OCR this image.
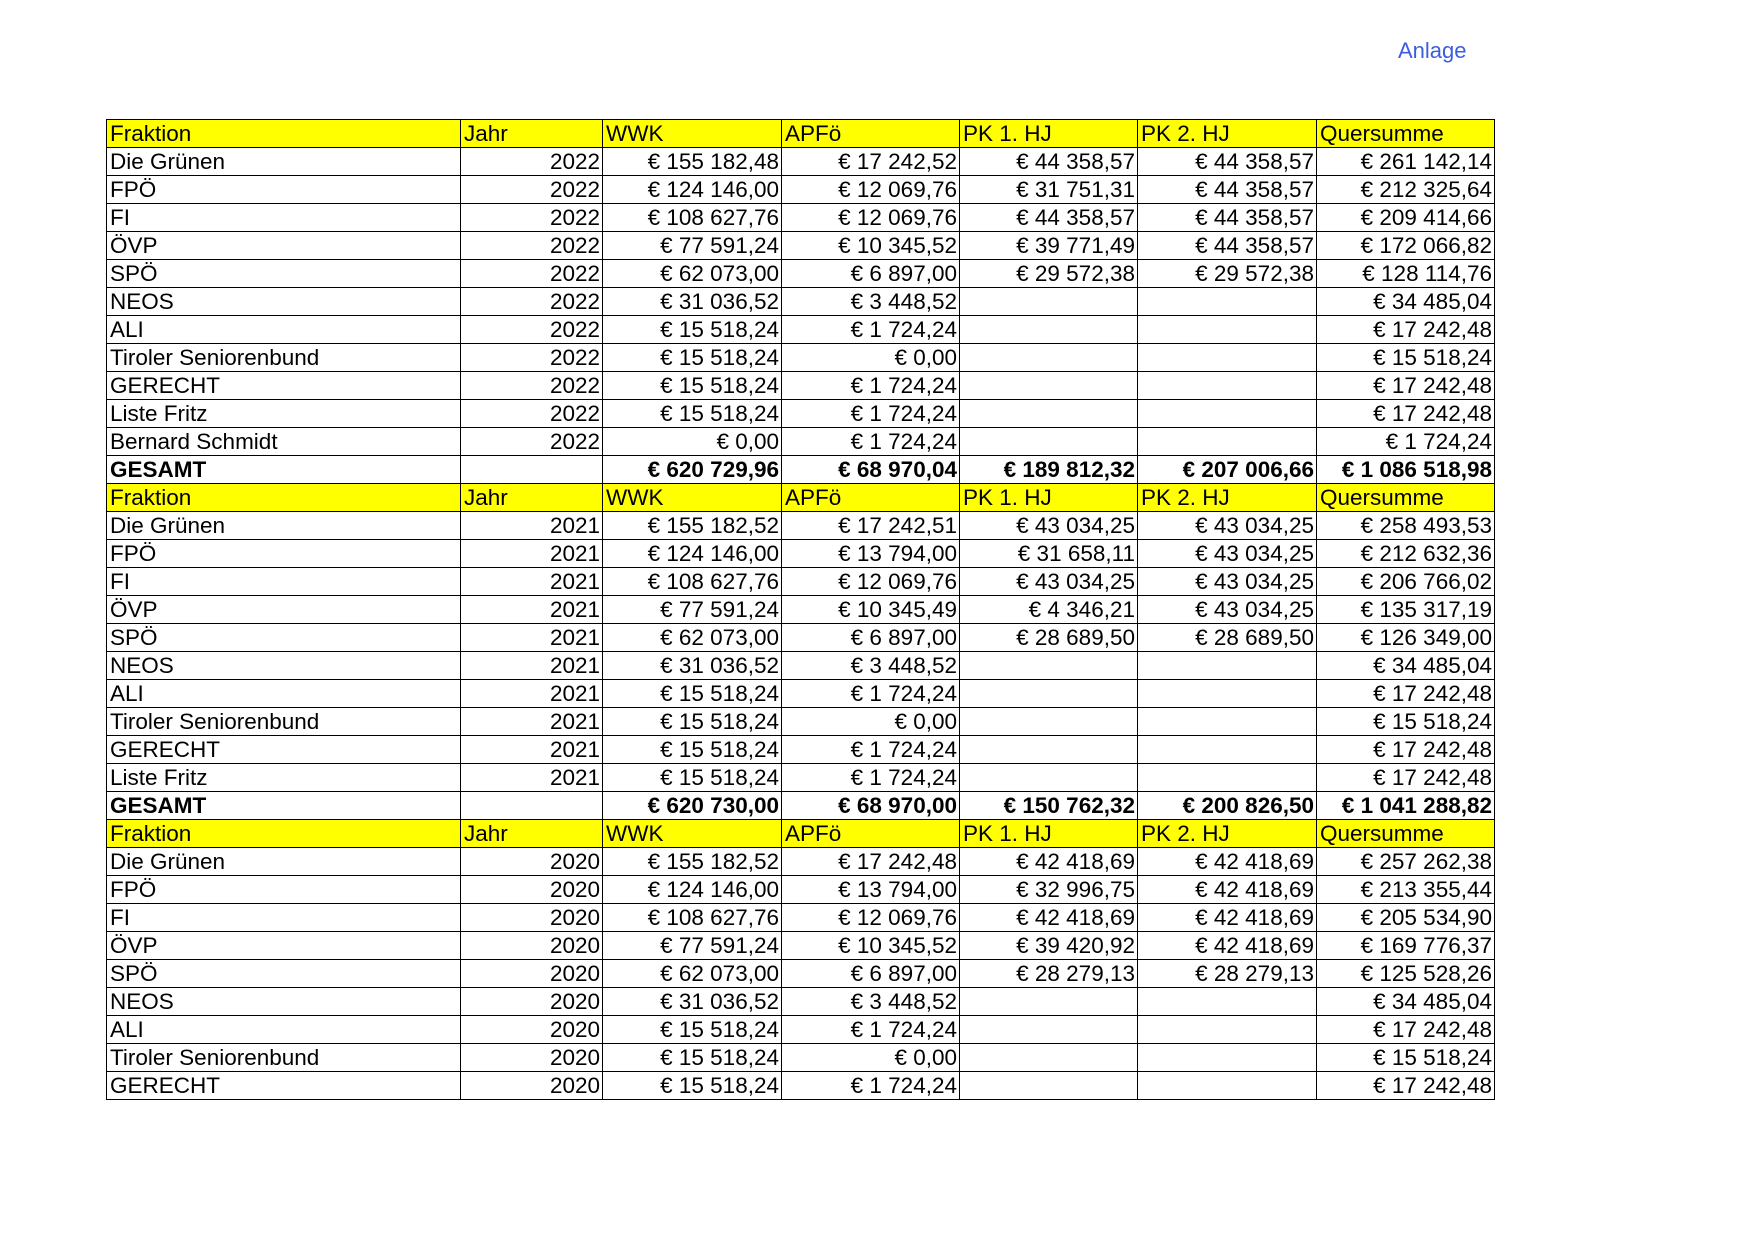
Anlage
Fraktion	Jahr	WWK	APFö	PK 1. HJ	PK 2. HJ	Quersumme
Die Grünen	2022	€ 155 182,48	€ 17 242,52	€ 44 358,57	€ 44 358,57	€ 261 142,14
FPÖ	2022	€ 124 146,00	€ 12 069,76	€ 31 751,31	€ 44 358,57	€ 212 325,64
FI	2022	€ 108 627,76	€ 12 069,76	€ 44 358,57	€ 44 358,57	€ 209 414,66
ÖVP	2022	€ 77 591,24	€ 10 345,52	€ 39 771,49	€ 44 358,57	€ 172 066,82
SPÖ	2022	€ 62 073,00	€ 6 897,00	€ 29 572,38	€ 29 572,38	€ 128 114,76
NEOS	2022	€ 31 036,52	€ 3 448,52			€ 34 485,04
ALI	2022	€ 15 518,24	€ 1 724,24			€ 17 242,48
Tiroler Seniorenbund	2022	€ 15 518,24	€ 0,00			€ 15 518,24
GERECHT	2022	€ 15 518,24	€ 1 724,24			€ 17 242,48
Liste Fritz	2022	€ 15 518,24	€ 1 724,24			€ 17 242,48
Bernard Schmidt	2022	€ 0,00	€ 1 724,24			€ 1 724,24
GESAMT		€ 620 729,96	€ 68 970,04	€ 189 812,32	€ 207 006,66	€ 1 086 518,98
Fraktion	Jahr	WWK	APFö	PK 1. HJ	PK 2. HJ	Quersumme
Die Grünen	2021	€ 155 182,52	€ 17 242,51	€ 43 034,25	€ 43 034,25	€ 258 493,53
FPÖ	2021	€ 124 146,00	€ 13 794,00	€ 31 658,11	€ 43 034,25	€ 212 632,36
FI	2021	€ 108 627,76	€ 12 069,76	€ 43 034,25	€ 43 034,25	€ 206 766,02
ÖVP	2021	€ 77 591,24	€ 10 345,49	€ 4 346,21	€ 43 034,25	€ 135 317,19
SPÖ	2021	€ 62 073,00	€ 6 897,00	€ 28 689,50	€ 28 689,50	€ 126 349,00
NEOS	2021	€ 31 036,52	€ 3 448,52			€ 34 485,04
ALI	2021	€ 15 518,24	€ 1 724,24			€ 17 242,48
Tiroler Seniorenbund	2021	€ 15 518,24	€ 0,00			€ 15 518,24
GERECHT	2021	€ 15 518,24	€ 1 724,24			€ 17 242,48
Liste Fritz	2021	€ 15 518,24	€ 1 724,24			€ 17 242,48
GESAMT		€ 620 730,00	€ 68 970,00	€ 150 762,32	€ 200 826,50	€ 1 041 288,82
Fraktion	Jahr	WWK	APFö	PK 1. HJ	PK 2. HJ	Quersumme
Die Grünen	2020	€ 155 182,52	€ 17 242,48	€ 42 418,69	€ 42 418,69	€ 257 262,38
FPÖ	2020	€ 124 146,00	€ 13 794,00	€ 32 996,75	€ 42 418,69	€ 213 355,44
FI	2020	€ 108 627,76	€ 12 069,76	€ 42 418,69	€ 42 418,69	€ 205 534,90
ÖVP	2020	€ 77 591,24	€ 10 345,52	€ 39 420,92	€ 42 418,69	€ 169 776,37
SPÖ	2020	€ 62 073,00	€ 6 897,00	€ 28 279,13	€ 28 279,13	€ 125 528,26
NEOS	2020	€ 31 036,52	€ 3 448,52			€ 34 485,04
ALI	2020	€ 15 518,24	€ 1 724,24			€ 17 242,48
Tiroler Seniorenbund	2020	€ 15 518,24	€ 0,00			€ 15 518,24
GERECHT	2020	€ 15 518,24	€ 1 724,24			€ 17 242,48
